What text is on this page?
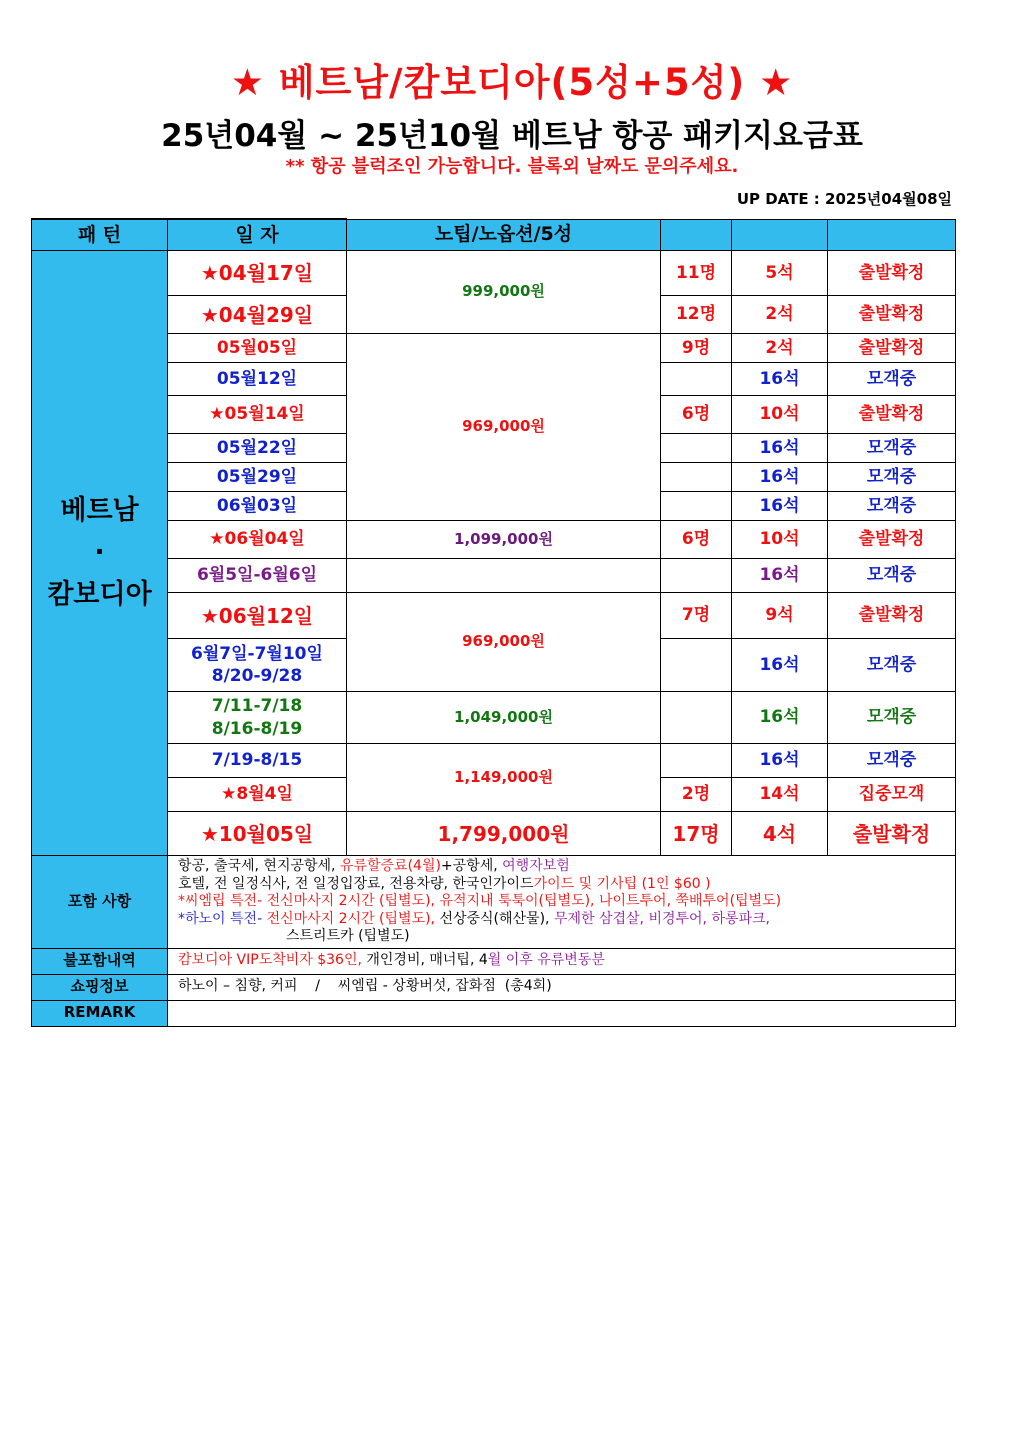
★ 베트남/캄보디아(5성+5성) ★
25년04월 ~ 25년10월 베트남 항공 패키지요금표
** 항공 블럭조인 가능합니다. 블록외 날짜도 문의주세요.
UP DATE : 2025년04월08일
패 턴	일 자	노팁/노옵션/5성			
베트남
·
캄보디아	★04월17일	999,000원	11명	5석	출발확정
	★04월29일		12명	2석	출발확정
	05월05일	969,000원	9명	2석	출발확정
	05월12일			16석	모객중
	★05월14일		6명	10석	출발확정
	05월22일			16석	모객중
	05월29일			16석	모객중
	06월03일			16석	모객중
	★06월04일	1,099,000원	6명	10석	출발확정
	6월5일-6월6일			16석	모객중
	★06월12일	969,000원	7명	9석	출발확정
	6월7일-7월10일
8/20-9/28			16석	모객중
	7/11-7/18
8/16-8/19	1,049,000원		16석	모객중
	7/19-8/15	1,149,000원		16석	모객중
	★8월4일		2명	14석	집중모객
	★10월05일	1,799,000원	17명	4석	출발확정
포함 사항	항공, 출국세, 현지공항세, 유류할증료(4월)+공항세, 여행자보험
호텔, 전 일정식사, 전 일정입장료, 전용차량, 한국인가이드가이드 및 기사팁 (1인 $60 )
*씨엠립 특전- 전신마사지 2시간 (팁별도), 유적지내 툭툭이(팁별도), 나이트투어, 쭉배투어(팁별도)
*하노이 특전- 전신마사지 2시간 (팁별도), 선상중식(해산물), 무제한 삼겹살, 비경투어, 하롱파크,
스트리트카 (팁별도)				

불포함내역	캄보디아 VIP도착비자 $36인, 개인경비, 매너팁, 4월 이후 유류변동분				
쇼핑정보	하노이 – 침향, 커피    /    씨엠립 - 상황버섯, 잡화점  (총4회)				
REMARK					
